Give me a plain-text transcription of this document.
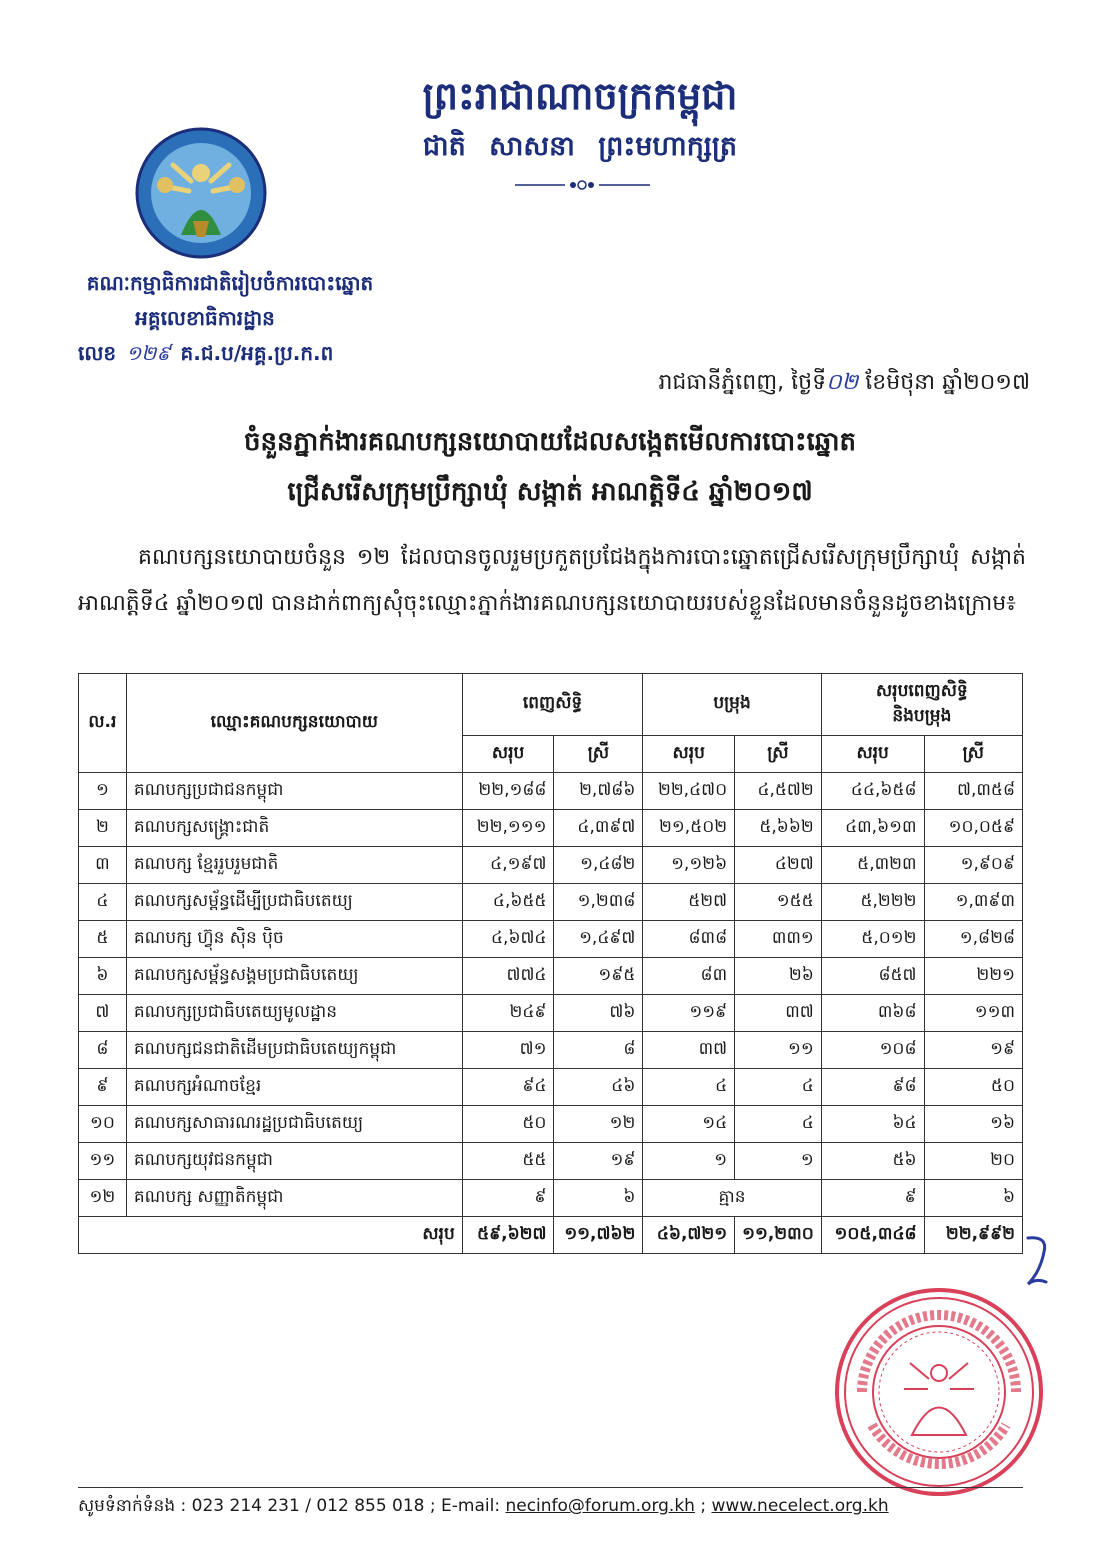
ព្រះរាជាណាចក្រកម្ពុជា
ជាតិ សាសនា ព្រះមហាក្សត្រ
គណៈកម្មាធិការជាតិរៀបចំការបោះឆ្នោត
អគ្គលេខាធិការដ្ឋាន
លេខ ១២៩ គ.ជ.ប/អគ្គ.ប្រ.ក.ព
រាជធានីភ្នំពេញ, ថ្ងៃទី០២ ខែមិថុនា ឆ្នាំ២០១៧
ចំនួនភ្នាក់ងារគណបក្សនយោបាយដែលសង្កេតមើលការបោះឆ្នោត
ជ្រើសរើសក្រុមប្រឹក្សាឃុំ សង្កាត់ អាណត្តិទី៤ ឆ្នាំ២០១៧
គណបក្សនយោបាយចំនួន ១២ ដែលបានចូលរួមប្រកួតប្រជែងក្នុងការបោះឆ្នោតជ្រើសរើសក្រុមប្រឹក្សាឃុំ សង្កាត់ អាណត្តិទី៤ ឆ្នាំ២០១៧ បានដាក់ពាក្យសុំចុះឈ្មោះភ្នាក់ងារគណបក្សនយោបាយរបស់ខ្លួនដែលមានចំនួនដូចខាងក្រោម៖
ល.រ	ឈ្មោះគណបក្សនយោបាយ	ពេញសិទ្ធិ		បម្រុង		សរុបពេញសិទ្ធិ
និងបម្រុង	

		សរុប	ស្រី	សរុប	ស្រី	សរុប	ស្រី
១	គណបក្សប្រជាជនកម្ពុជា	២២,១៨៨	២,៧៨៦	២២,៤៧០	៤,៥៧២	៤៤,៦៥៨	៧,៣៥៨
២	គណបក្សសង្គ្រោះជាតិ	២២,១១១	៤,៣៩៧	២១,៥០២	៥,៦៦២	៤៣,៦១៣	១០,០៥៩
៣	គណបក្ស ខ្មែររួបរួមជាតិ	៤,១៩៧	១,៤៨២	១,១២៦	៤២៧	៥,៣២៣	១,៩០៩
៤	គណបក្សសម្ព័ន្ធដើម្បីប្រជាធិបតេយ្យ	៤,៦៥៥	១,២៣៨	៥២៧	១៥៥	៥,២២២	១,៣៩៣
៥	គណបក្ស ហ៊្វុន ស៊ិន ប៉ិច	៤,៦៧៤	១,៤៩៧	៨៣៨	៣៣១	៥,០១២	១,៨២៨
៦	គណបក្សសម្ព័ន្ធសង្គមប្រជាធិបតេយ្យ	៧៧៤	១៩៥	៨៣	២៦	៨៥៧	២២១
៧	គណបក្សប្រជាធិបតេយ្យមូលដ្ឋាន	២៤៩	៧៦	១១៩	៣៧	៣៦៨	១១៣
៨	គណបក្សជនជាតិដើមប្រជាធិបតេយ្យកម្ពុជា	៧១	៨	៣៧	១១	១០៨	១៩
៩	គណបក្សអំណាចខ្មែរ	៩៤	៤៦	៤	៤	៩៨	៥០
១០	គណបក្សសាធារណរដ្ឋប្រជាធិបតេយ្យ	៥០	១២	១៤	៤	៦៤	១៦
១១	គណបក្សយុវជនកម្ពុជា	៥៥	១៩	១	១	៥៦	២០
១២	គណបក្ស សញ្ញាតិកម្ពុជា	៩	៦	គ្មាន		៩	៦
សរុប		៥៩,៦២៧	១១,៧៦២	៤៦,៧២១	១១,២៣០	១០៥,៣៤៨	២២,៩៩២
សូមទំនាក់ទំនង : 023 214 231 / 012 855 018 ; E-mail: necinfo@forum.org.kh ; www.necelect.org.kh
